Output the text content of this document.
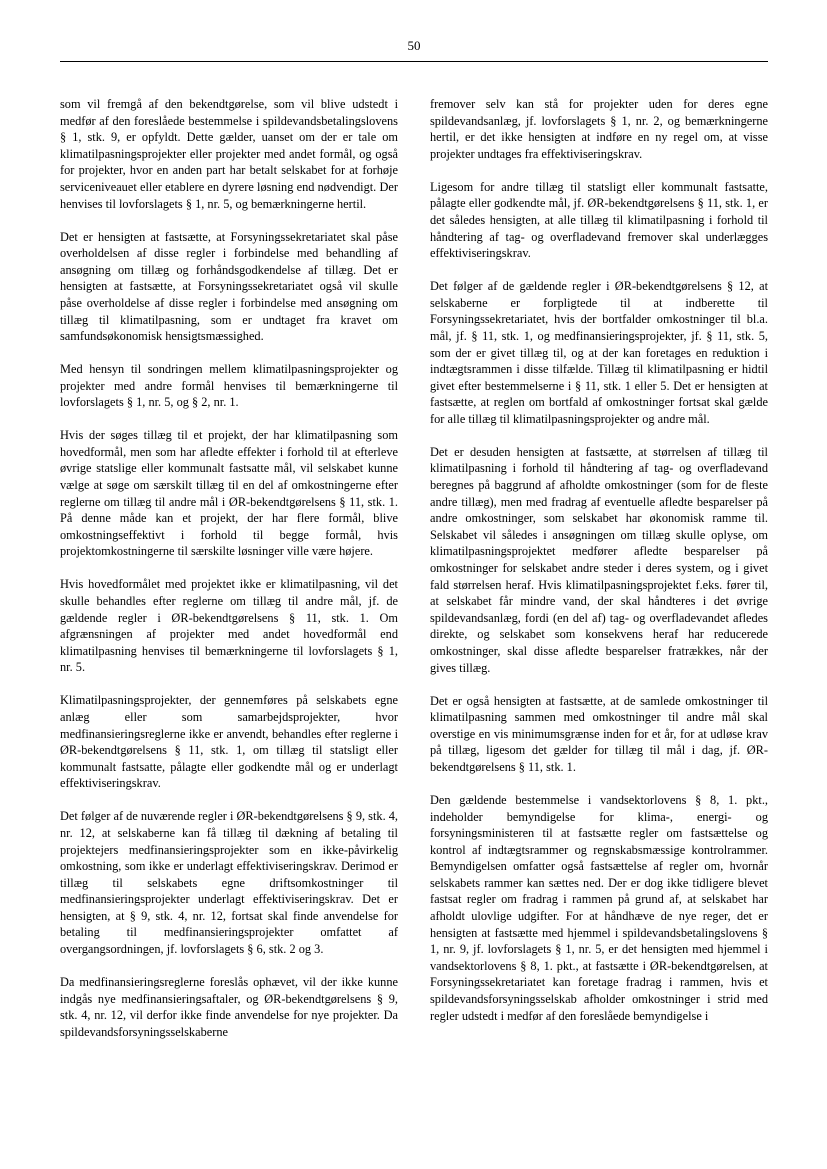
50

som vil fremgå af den bekendtgørelse, som vil blive udstedt i medfør af den foreslåede bestemmelse i spildevandsbetalingslovens § 1, stk. 9, er opfyldt. Dette gælder, uanset om der er tale om klimatilpasningsprojekter eller projekter med andet formål, og også for projekter, hvor en anden part har betalt selskabet for at forhøje serviceniveauet eller etablere en dyrere løsning end nødvendigt. Der henvises til lovforslagets § 1, nr. 5, og bemærkningerne hertil.

Det er hensigten at fastsætte, at Forsyningssekretariatet skal påse overholdelsen af disse regler i forbindelse med behandling af ansøgning om tillæg og forhåndsgodkendelse af tillæg. Det er hensigten at fastsætte, at Forsyningssekretariatet også vil skulle påse overholdelse af disse regler i forbindelse med ansøgning om tillæg til klimatilpasning, som er undtaget fra kravet om samfundsøkonomisk hensigtsmæssighed.

Med hensyn til sondringen mellem klimatilpasningsprojekter og projekter med andre formål henvises til bemærkningerne til lovforslagets § 1, nr. 5, og § 2, nr. 1.

Hvis der søges tillæg til et projekt, der har klimatilpasning som hovedformål, men som har afledte effekter i forhold til at efterleve øvrige statslige eller kommunalt fastsatte mål, vil selskabet kunne vælge at søge om særskilt tillæg til en del af omkostningerne efter reglerne om tillæg til andre mål i ØR-bekendtgørelsens § 11, stk. 1. På denne måde kan et projekt, der har flere formål, blive omkostningseffektivt i forhold til begge formål, hvis projektomkostningerne til særskilte løsninger ville være højere.

Hvis hovedformålet med projektet ikke er klimatilpasning, vil det skulle behandles efter reglerne om tillæg til andre mål, jf. de gældende regler i ØR-bekendtgørelsens § 11, stk. 1. Om afgrænsningen af projekter med andet hovedformål end klimatilpasning henvises til bemærkningerne til lovforslagets § 1, nr. 5.

Klimatilpasningsprojekter, der gennemføres på selskabets egne anlæg eller som samarbejdsprojekter, hvor medfinansieringsreglerne ikke er anvendt, behandles efter reglerne i ØR-bekendtgørelsens § 11, stk. 1, om tillæg til statsligt eller kommunalt fastsatte, pålagte eller godkendte mål og er underlagt effektiviseringskrav.

Det følger af de nuværende regler i ØR-bekendtgørelsens § 9, stk. 4, nr. 12, at selskaberne kan få tillæg til dækning af betaling til projektejers medfinansieringsprojekter som en ikke-påvirkelig omkostning, som ikke er underlagt effektiviseringskrav. Derimod er tillæg til selskabets egne driftsomkostninger til medfinansieringsprojekter underlagt effektiviseringskrav. Det er hensigten, at § 9, stk. 4, nr. 12, fortsat skal finde anvendelse for betaling til medfinansieringsprojekter omfattet af overgangsordningen, jf. lovforslagets § 6, stk. 2 og 3.

Da medfinansieringsreglerne foreslås ophævet, vil der ikke kunne indgås nye medfinansieringsaftaler, og ØR-bekendtgørelsens § 9, stk. 4, nr. 12, vil derfor ikke finde anvendelse for nye projekter. Da spildevandsforsyningsselskaberne

fremover selv kan stå for projekter uden for deres egne spildevandsanlæg, jf. lovforslagets § 1, nr. 2, og bemærkningerne hertil, er det ikke hensigten at indføre en ny regel om, at visse projekter undtages fra effektiviseringskrav.

Ligesom for andre tillæg til statsligt eller kommunalt fastsatte, pålagte eller godkendte mål, jf. ØR-bekendtgørelsens § 11, stk. 1, er det således hensigten, at alle tillæg til klimatilpasning i forhold til håndtering af tag- og overfladevand fremover skal underlægges effektiviseringskrav.

Det følger af de gældende regler i ØR-bekendtgørelsens § 12, at selskaberne er forpligtede til at indberette til Forsyningssekretariatet, hvis der bortfalder omkostninger til bl.a. mål, jf. § 11, stk. 1, og medfinansieringsprojekter, jf. § 11, stk. 5, som der er givet tillæg til, og at der kan foretages en reduktion i indtægtsrammen i disse tilfælde. Tillæg til klimatilpasning er hidtil givet efter bestemmelserne i § 11, stk. 1 eller 5. Det er hensigten at fastsætte, at reglen om bortfald af omkostninger fortsat skal gælde for alle tillæg til klimatilpasningsprojekter og andre mål.

Det er desuden hensigten at fastsætte, at størrelsen af tillæg til klimatilpasning i forhold til håndtering af tag- og overfladevand beregnes på baggrund af afholdte omkostninger (som for de fleste andre tillæg), men med fradrag af eventuelle afledte besparelser på andre omkostninger, som selskabet har økonomisk ramme til. Selskabet vil således i ansøgningen om tillæg skulle oplyse, om klimatilpasningsprojektet medfører afledte besparelser på omkostninger for selskabet andre steder i deres system, og i givet fald størrelsen heraf. Hvis klimatilpasningsprojektet f.eks. fører til, at selskabet får mindre vand, der skal håndteres i det øvrige spildevandsanlæg, fordi (en del af) tag- og overfladevandet afledes direkte, og selskabet som konsekvens heraf har reducerede omkostninger, skal disse afledte besparelser fratrækkes, når der gives tillæg.

Det er også hensigten at fastsætte, at de samlede omkostninger til klimatilpasning sammen med omkostninger til andre mål skal overstige en vis minimumsgrænse inden for et år, for at udløse krav på tillæg, ligesom det gælder for tillæg til mål i dag, jf. ØR-bekendtgørelsens § 11, stk. 1.

Den gældende bestemmelse i vandsektorlovens § 8, 1. pkt., indeholder bemyndigelse for klima-, energi- og forsyningsministeren til at fastsætte regler om fastsættelse og kontrol af indtægtsrammer og regnskabsmæssige kontrolrammer. Bemyndigelsen omfatter også fastsættelse af regler om, hvornår selskabets rammer kan sættes ned. Der er dog ikke tidligere blevet fastsat regler om fradrag i rammen på grund af, at selskabet har afholdt ulovlige udgifter. For at håndhæve de nye reger, det er hensigten at fastsætte med hjemmel i spildevandsbetalingslovens § 1, nr. 9, jf. lovforslagets § 1, nr. 5, er det hensigten med hjemmel i vandsektorlovens § 8, 1. pkt., at fastsætte i ØR-bekendtgørelsen, at Forsyningssekretariatet kan foretage fradrag i rammen, hvis et spildevandsforsyningsselskab afholder omkostninger i strid med regler udstedt i medfør af den foreslåede bemyndigelse i
